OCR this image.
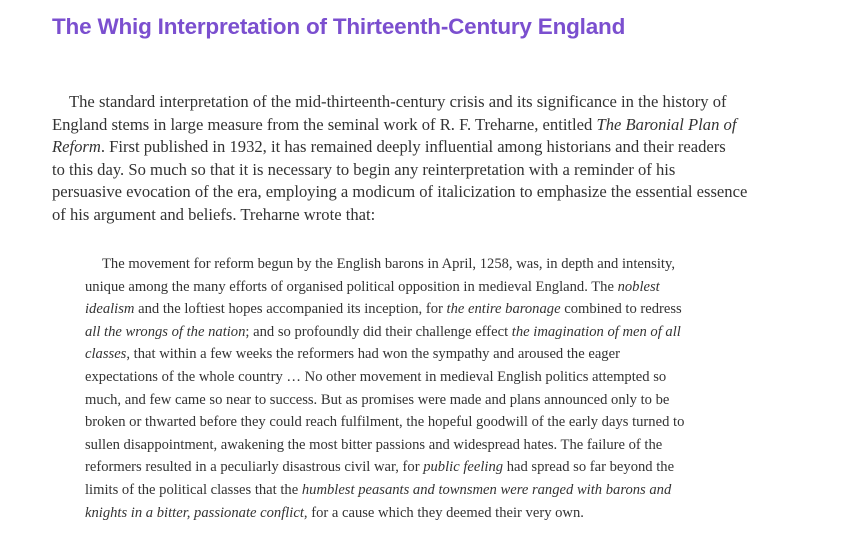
The Whig Interpretation of Thirteenth-Century England

The standard interpretation of the mid-thirteenth-century crisis and its significance in the history of
England stems in large measure from the seminal work of R. F. Treharne, entitled The Baronial Plan of
Reform. First published in 1932, it has remained deeply influential among historians and their readers
to this day. So much so that it is necessary to begin any reinterpretation with a reminder of his
persuasive evocation of the era, employing a modicum of italicization to emphasize the essential essence
of his argument and beliefs. Treharne wrote that:

The movement for reform begun by the English barons in April, 1258, was, in depth and intensity,
unique among the many efforts of organised political opposition in medieval England. The noblest
idealism and the loftiest hopes accompanied its inception, for the entire baronage combined to redress
all the wrongs of the nation; and so profoundly did their challenge effect the imagination of men of all
classes, that within a few weeks the reformers had won the sympathy and aroused the eager
expectations of the whole country … No other movement in medieval English politics attempted so
much, and few came so near to success. But as promises were made and plans announced only to be
broken or thwarted before they could reach fulfilment, the hopeful goodwill of the early days turned to
sullen disappointment, awakening the most bitter passions and widespread hates. The failure of the
reformers resulted in a peculiarly disastrous civil war, for public feeling had spread so far beyond the
limits of the political classes that the humblest peasants and townsmen were ranged with barons and
knights in a bitter, passionate conflict, for a cause which they deemed their very own.
